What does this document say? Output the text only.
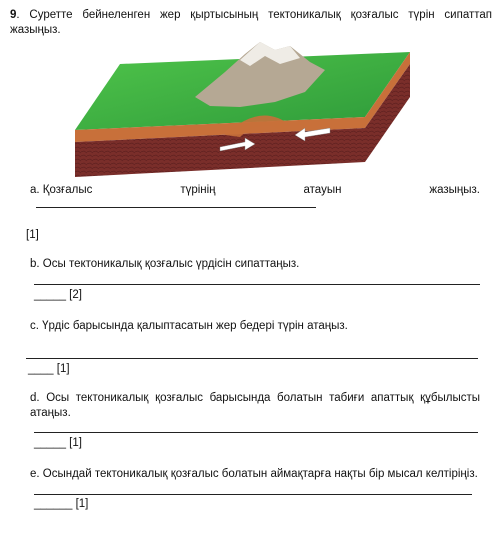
9. Суретте бейнеленген жер қыртысының тектоникалық қозғалыс түрін сипаттап жазыңыз.
a. Қозғалыс	түрінің	атауын	жазыңыз.
[1]
b. Осы тектоникалық қозғалыс үрдісін сипаттаңыз.
_____ [2]
c. Үрдіс барысында қалыптасатын жер бедері түрін атаңыз.
____ [1]
d. Осы тектоникалық қозғалыс барысында болатын табиғи апаттық құбылысты атаңыз.
_____ [1]
e. Осындай тектоникалық қозғалыс болатын аймақтарға нақты бір мысал келтіріңіз.
______ [1]
